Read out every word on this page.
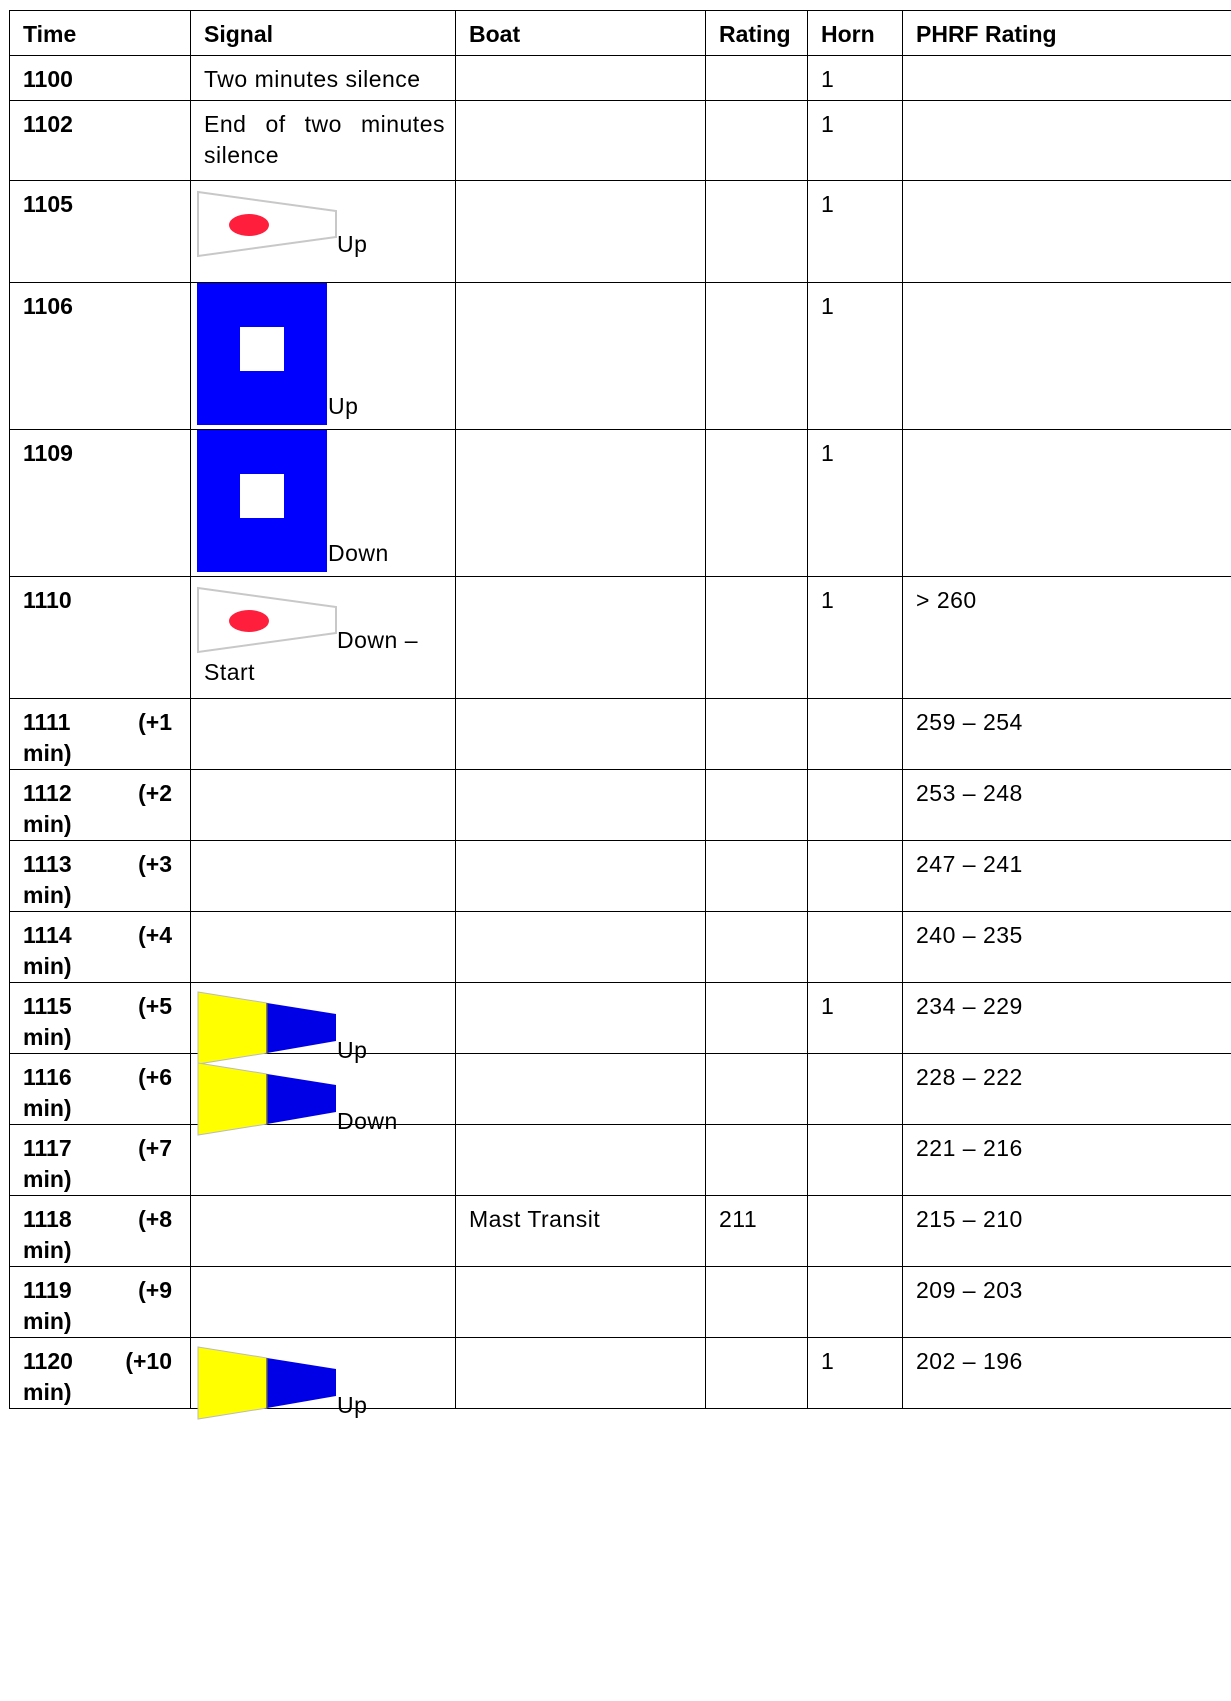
Time	Signal	Boat	Rating	Horn	PHRF Rating

1100	Two minutes silence			1	

1102	End of two minutes silence			1	

1105	Up			1	

1106	Up			1	

1109	Down			1	

1110	Down –
Start			1	> 260

1111 (+1
min)					259 – 254

1112 (+2
min)					253 – 248

1113 (+3
min)					247 – 241

1114 (+4
min)					240 – 235

1115 (+5
min)	Up			1	234 – 229

1116 (+6
min)	Down				228 – 222

1117 (+7
min)					221 – 216

1118 (+8
min)		Mast Transit	211		215 – 210

1119 (+9
min)					209 – 203

1120 (+10
min)	Up			1	202 – 196
